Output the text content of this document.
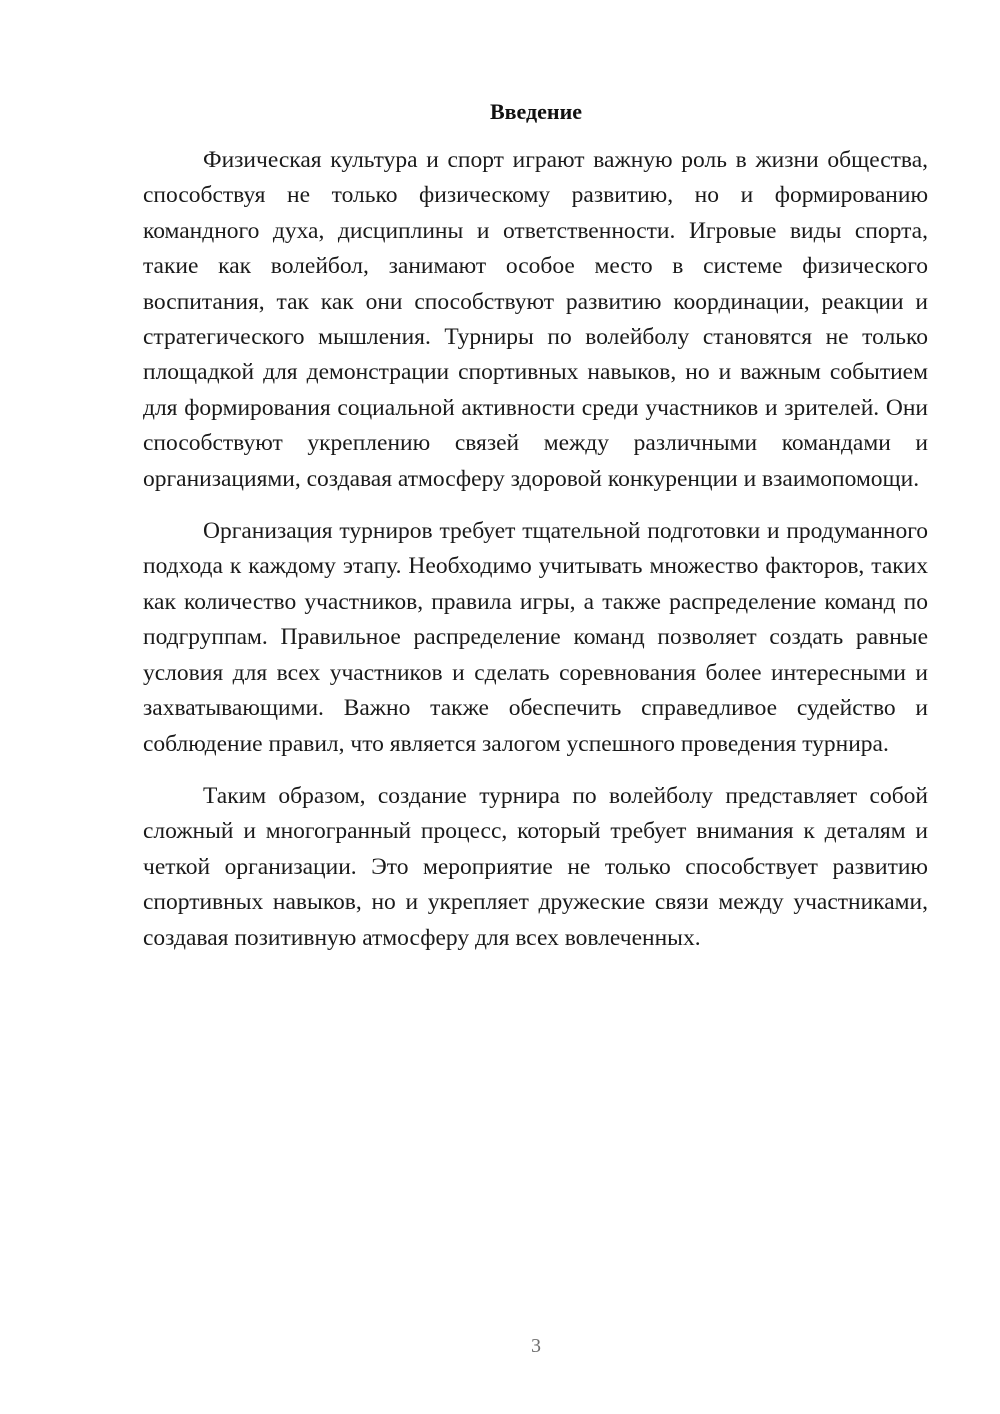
Введение

Физическая культура и спорт играют важную роль в жизни общества, способствуя не только физическому развитию, но и формированию командного духа, дисциплины и ответственности. Игровые виды спорта, такие как волейбол, занимают особое место в системе физического воспитания, так как они способствуют развитию координации, реакции и стратегического мышления. Турниры по волейболу становятся не только площадкой для демонстрации спортивных навыков, но и важным событием для формирования социальной активности среди участников и зрителей. Они способствуют укреплению связей между различными командами и организациями, создавая атмосферу здоровой конкуренции и взаимопомощи.

Организация турниров требует тщательной подготовки и продуманного подхода к каждому этапу. Необходимо учитывать множество факторов, таких как количество участников, правила игры, а также распределение команд по подгруппам. Правильное распределение команд позволяет создать равные условия для всех участников и сделать соревнования более интересными и захватывающими. Важно также обеспечить справедливое судейство и соблюдение правил, что является залогом успешного проведения турнира.

Таким образом, создание турнира по волейболу представляет собой сложный и многогранный процесс, который требует внимания к деталям и четкой организации. Это мероприятие не только способствует развитию спортивных навыков, но и укрепляет дружеские связи между участниками, создавая позитивную атмосферу для всех вовлеченных.

3
